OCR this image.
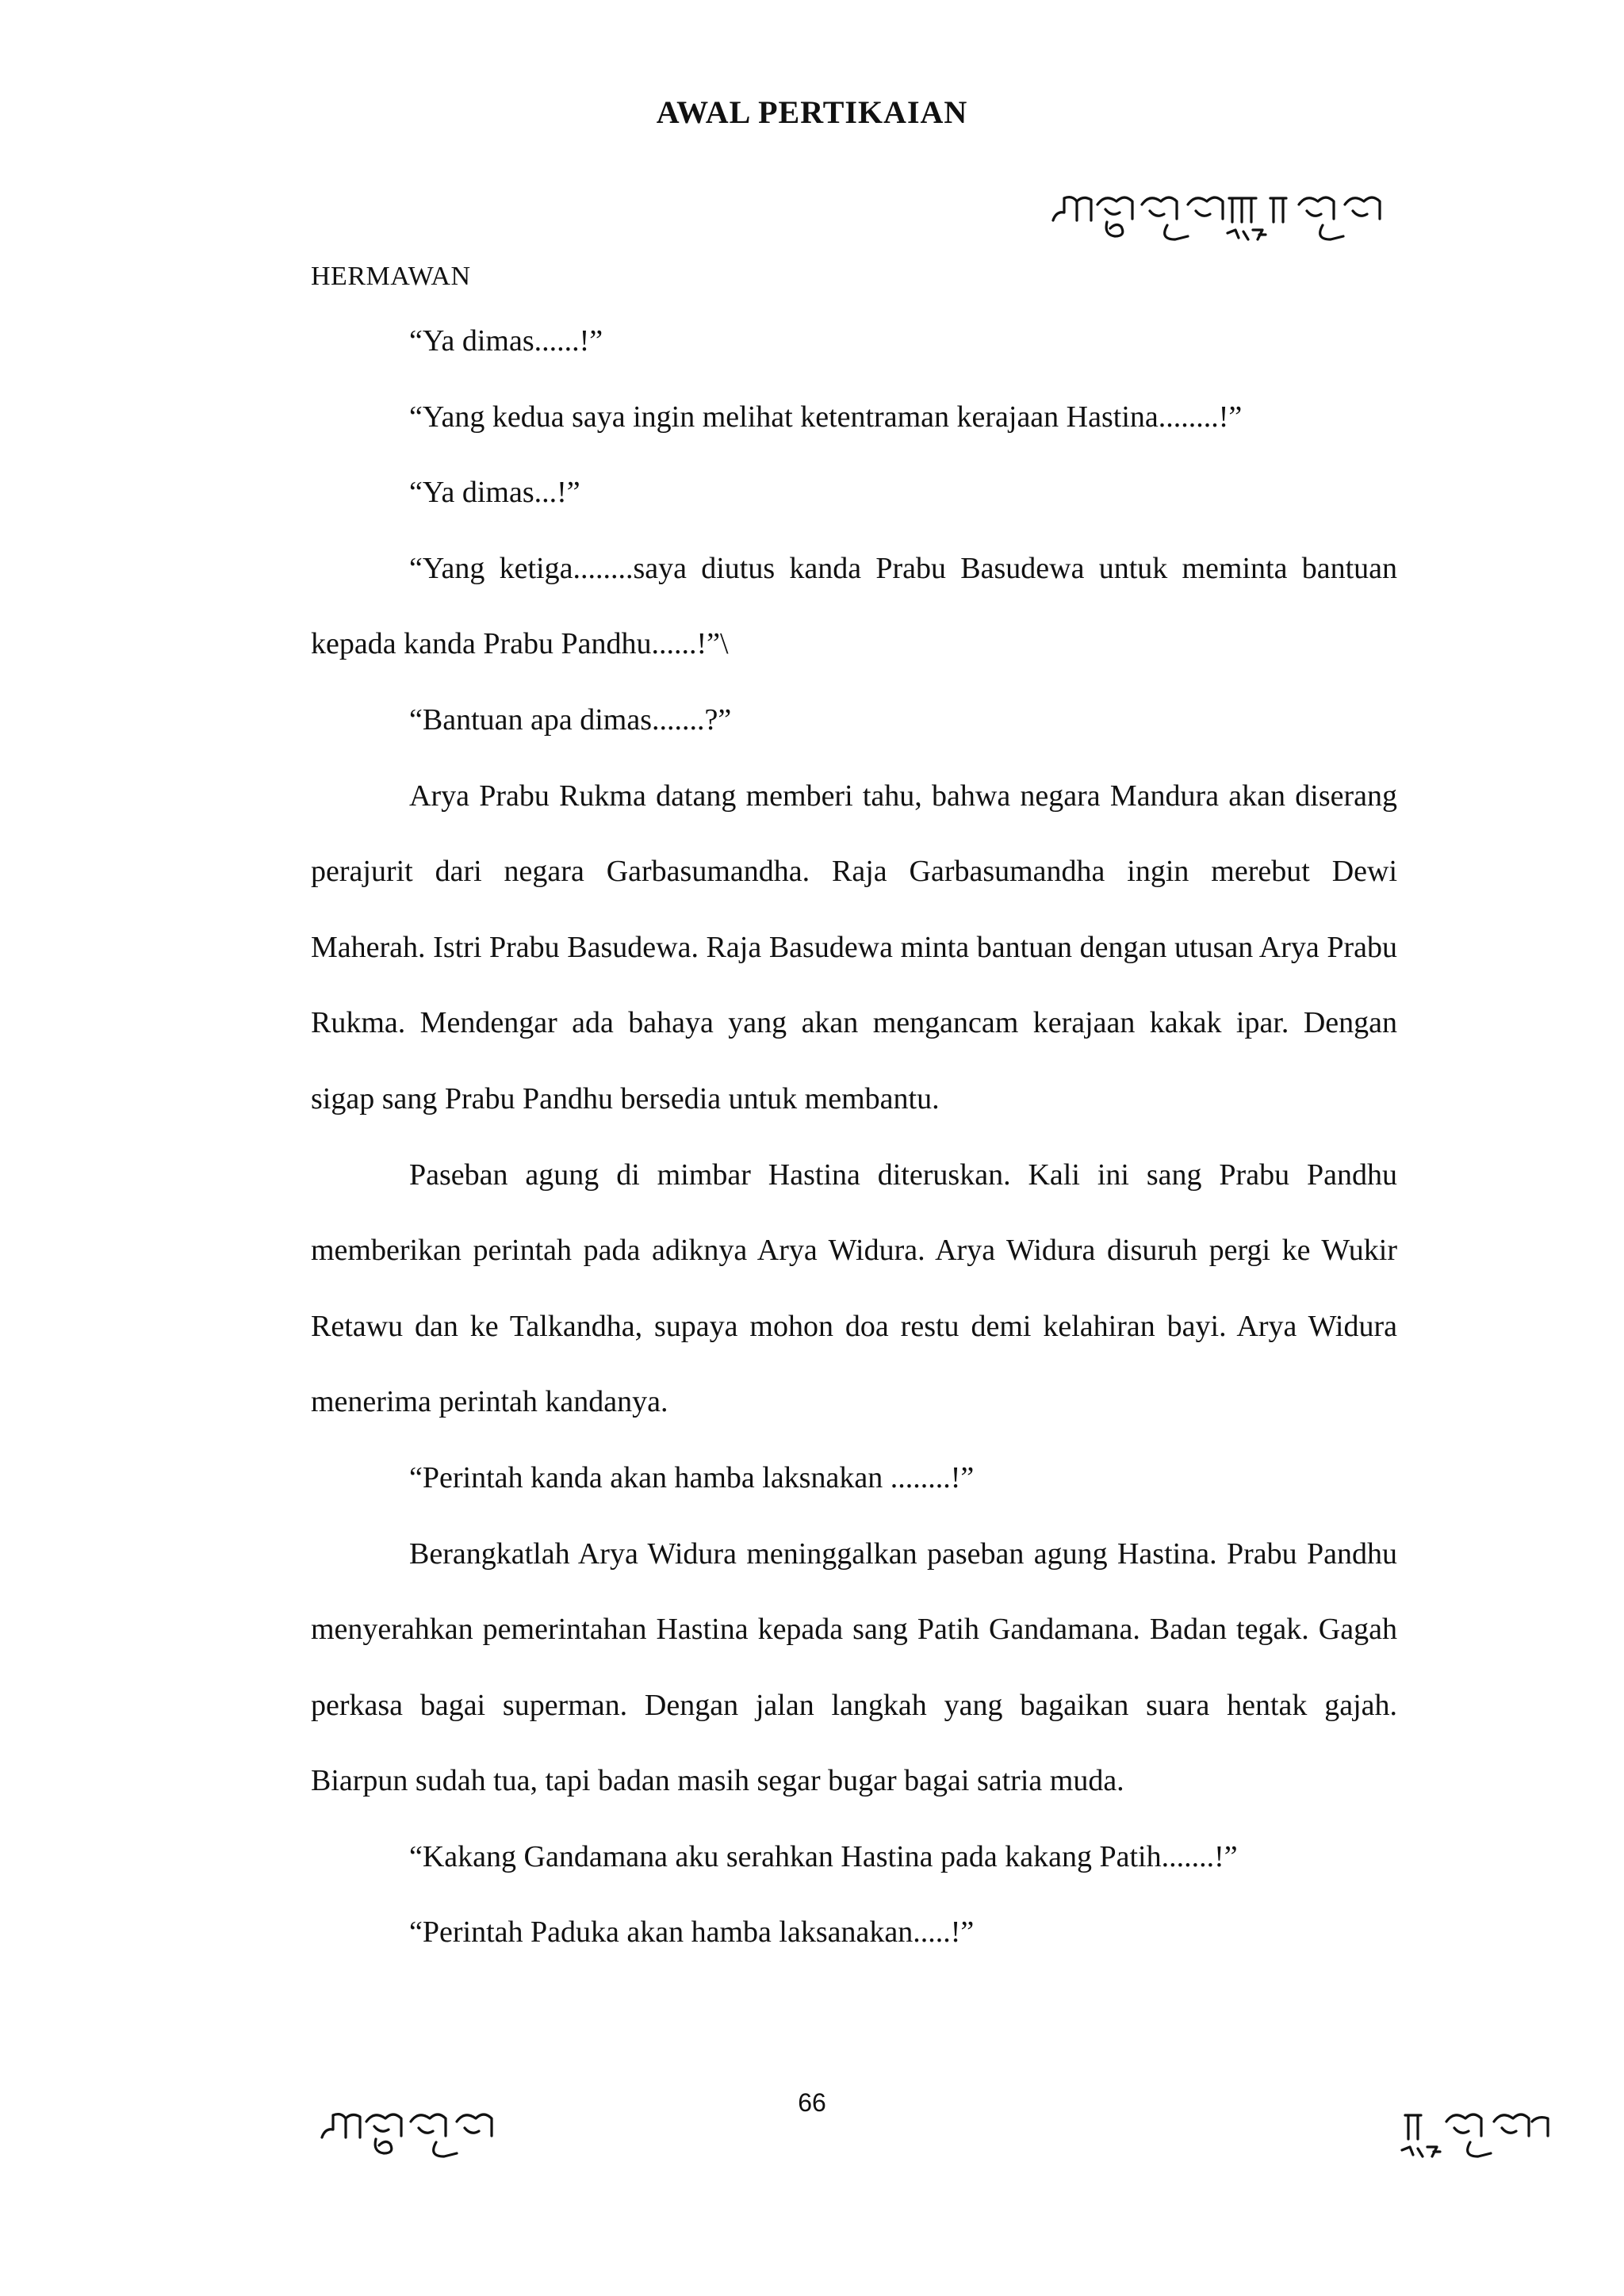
AWAL PERTIKAIAN
HERMAWAN

“Ya dimas......!”

“Yang kedua saya ingin melihat ketentraman kerajaan Hastina........!”

“Ya dimas...!”

“Yang ketiga........saya diutus kanda Prabu Basudewa untuk meminta bantuan kepada kanda Prabu Pandhu......!”\

“Bantuan apa dimas.......?”

Arya Prabu Rukma datang memberi tahu, bahwa negara Mandura akan diserang perajurit dari negara Garbasumandha. Raja Garbasumandha ingin merebut Dewi Maherah. Istri Prabu Basudewa. Raja Basudewa minta bantuan dengan utusan Arya Prabu Rukma. Mendengar ada bahaya yang akan mengancam kerajaan kakak ipar. Dengan sigap sang Prabu Pandhu bersedia untuk membantu.

Paseban agung di mimbar Hastina diteruskan. Kali ini sang Prabu Pandhu memberikan perintah pada adiknya Arya Widura. Arya Widura disuruh pergi ke Wukir Retawu dan ke Talkandha, supaya mohon doa restu demi kelahiran bayi. Arya Widura menerima perintah kandanya.

“Perintah kanda akan hamba laksnakan ........!”

Berangkatlah Arya Widura meninggalkan paseban agung Hastina. Prabu Pandhu menyerahkan pemerintahan Hastina kepada sang Patih Gandamana. Badan tegak. Gagah perkasa bagai superman. Dengan jalan langkah yang bagaikan suara hentak gajah. Biarpun sudah tua, tapi badan masih segar bugar bagai satria muda.

“Kakang Gandamana aku serahkan Hastina pada kakang Patih.......!”

“Perintah Paduka akan hamba laksanakan.....!”

66
